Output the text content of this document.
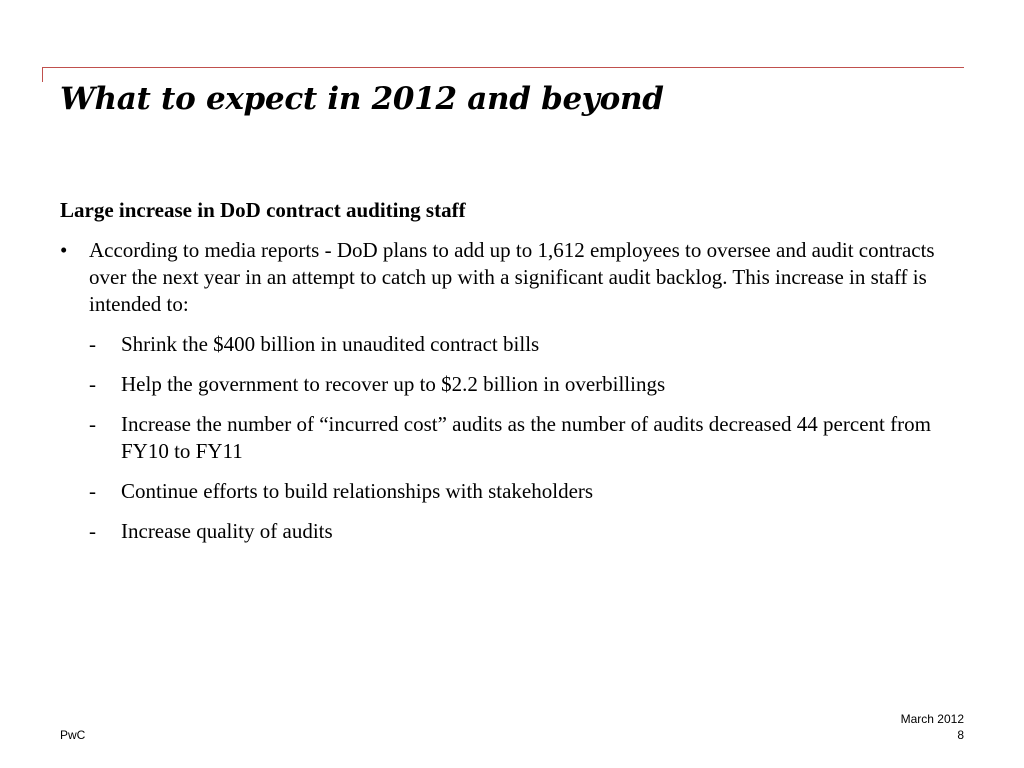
What to expect in 2012 and beyond

Large increase in DoD contract auditing staff

•	According to media reports - DoD plans to add up to 1,612 employees to oversee and audit contracts over the next year in an attempt to catch up with a significant audit backlog. This increase in staff is intended to:
-	Shrink the $400 billion in unaudited contract bills
-	Help the government to recover up to $2.2 billion in overbillings
-	Increase the number of “incurred cost” audits as the number of audits decreased 44 percent from FY10 to FY11
-	Continue efforts to build relationships with stakeholders
-	Increase quality of audits
PwC
March 2012
8
